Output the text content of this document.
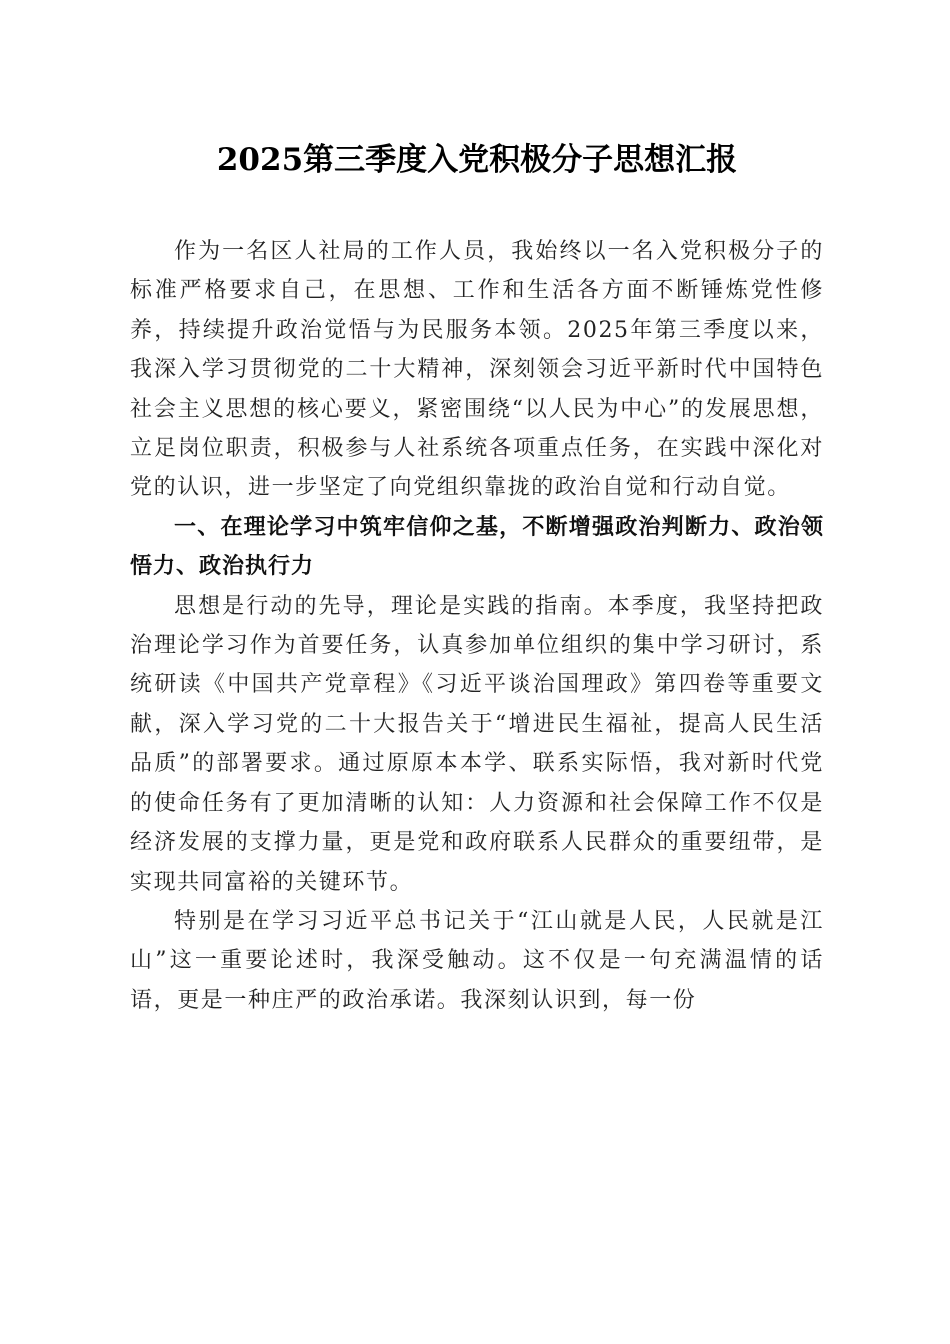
2025第三季度入党积极分子思想汇报

作为一名区人社局的工作人员，我始终以一名入党积极分子的标准严格要求自己，在思想、工作和生活各方面不断锤炼党性修养，持续提升政治觉悟与为民服务本领。2025年第三季度以来，我深入学习贯彻党的二十大精神，深刻领会习近平新时代中国特色社会主义思想的核心要义，紧密围绕“以人民为中心”的发展思想，立足岗位职责，积极参与人社系统各项重点任务，在实践中深化对党的认识，进一步坚定了向党组织靠拢的政治自觉和行动自觉。

一、在理论学习中筑牢信仰之基，不断增强政治判断力、政治领悟力、政治执行力

思想是行动的先导，理论是实践的指南。本季度，我坚持把政治理论学习作为首要任务，认真参加单位组织的集中学习研讨，系统研读《中国共产党章程》《习近平谈治国理政》第四卷等重要文献，深入学习党的二十大报告关于“增进民生福祉，提高人民生活品质”的部署要求。通过原原本本学、联系实际悟，我对新时代党的使命任务有了更加清晰的认知：人力资源和社会保障工作不仅是经济发展的支撑力量，更是党和政府联系人民群众的重要纽带，是实现共同富裕的关键环节。

特别是在学习习近平总书记关于“江山就是人民，人民就是江山”这一重要论述时，我深受触动。这不仅是一句充满温情的话语，更是一种庄严的政治承诺。我深刻认识到，每一份
